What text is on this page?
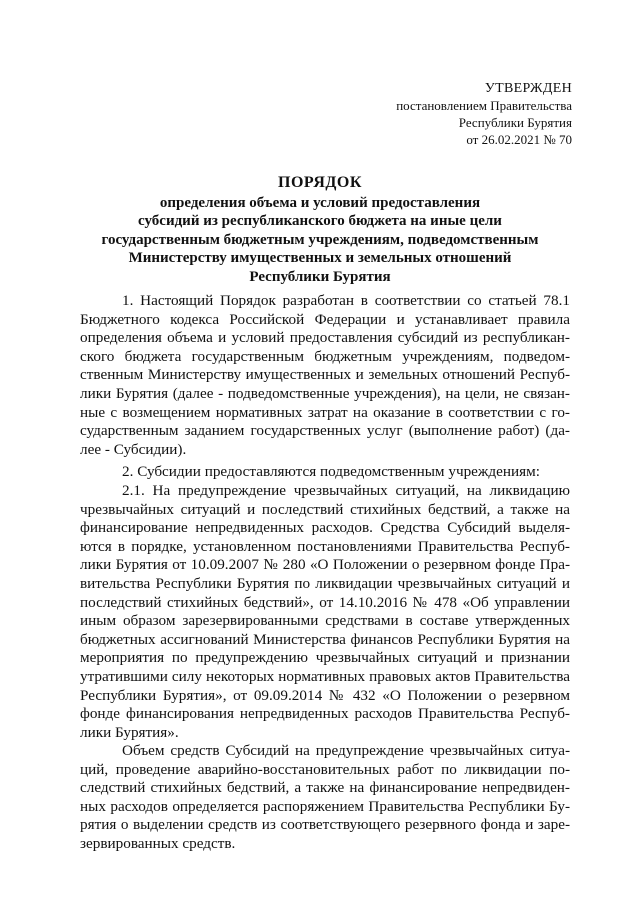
УТВЕРЖДЕН
постановлением Правительства
Республики Бурятия
от 26.02.2021 № 70
ПОРЯДОК
определения объема и условий предоставления
субсидий из республиканского бюджета на иные цели
государственным бюджетным учреждениям, подведомственным
Министерству имущественных и земельных отношений
Республики Бурятия
1. Настоящий Порядок разработан в соответствии со статьей 78.1
Бюджетного кодекса Российской Федерации и устанавливает правила
определения объема и условий предоставления субсидий из республикан-
ского бюджета государственным бюджетным учреждениям, подведом-
ственным Министерству имущественных и земельных отношений Респуб-
лики Бурятия (далее - подведомственные учреждения), на цели, не связан-
ные с возмещением нормативных затрат на оказание в соответствии с го-
сударственным заданием государственных услуг (выполнение работ) (да-
лее - Субсидии).
2. Субсидии предоставляются подведомственным учреждениям:
2.1. На предупреждение чрезвычайных ситуаций, на ликвидацию
чрезвычайных ситуаций и последствий стихийных бедствий, а также на
финансирование непредвиденных расходов. Средства Субсидий выделя-
ются в порядке, установленном постановлениями Правительства Респуб-
лики Бурятия от 10.09.2007 № 280 «О Положении о резервном фонде Пра-
вительства Республики Бурятия по ликвидации чрезвычайных ситуаций и
последствий стихийных бедствий», от 14.10.2016 № 478 «Об управлении
иным образом зарезервированными средствами в составе утвержденных
бюджетных ассигнований Министерства финансов Республики Бурятия на
мероприятия по предупреждению чрезвычайных ситуаций и признании
утратившими силу некоторых нормативных правовых актов Правительства
Республики Бурятия», от 09.09.2014 № 432 «О Положении о резервном
фонде финансирования непредвиденных расходов Правительства Респуб-
лики Бурятия».
Объем средств Субсидий на предупреждение чрезвычайных ситуа-
ций, проведение аварийно-восстановительных работ по ликвидации по-
следствий стихийных бедствий, а также на финансирование непредвиден-
ных расходов определяется распоряжением Правительства Республики Бу-
рятия о выделении средств из соответствующего резервного фонда и заре-
зервированных средств.
